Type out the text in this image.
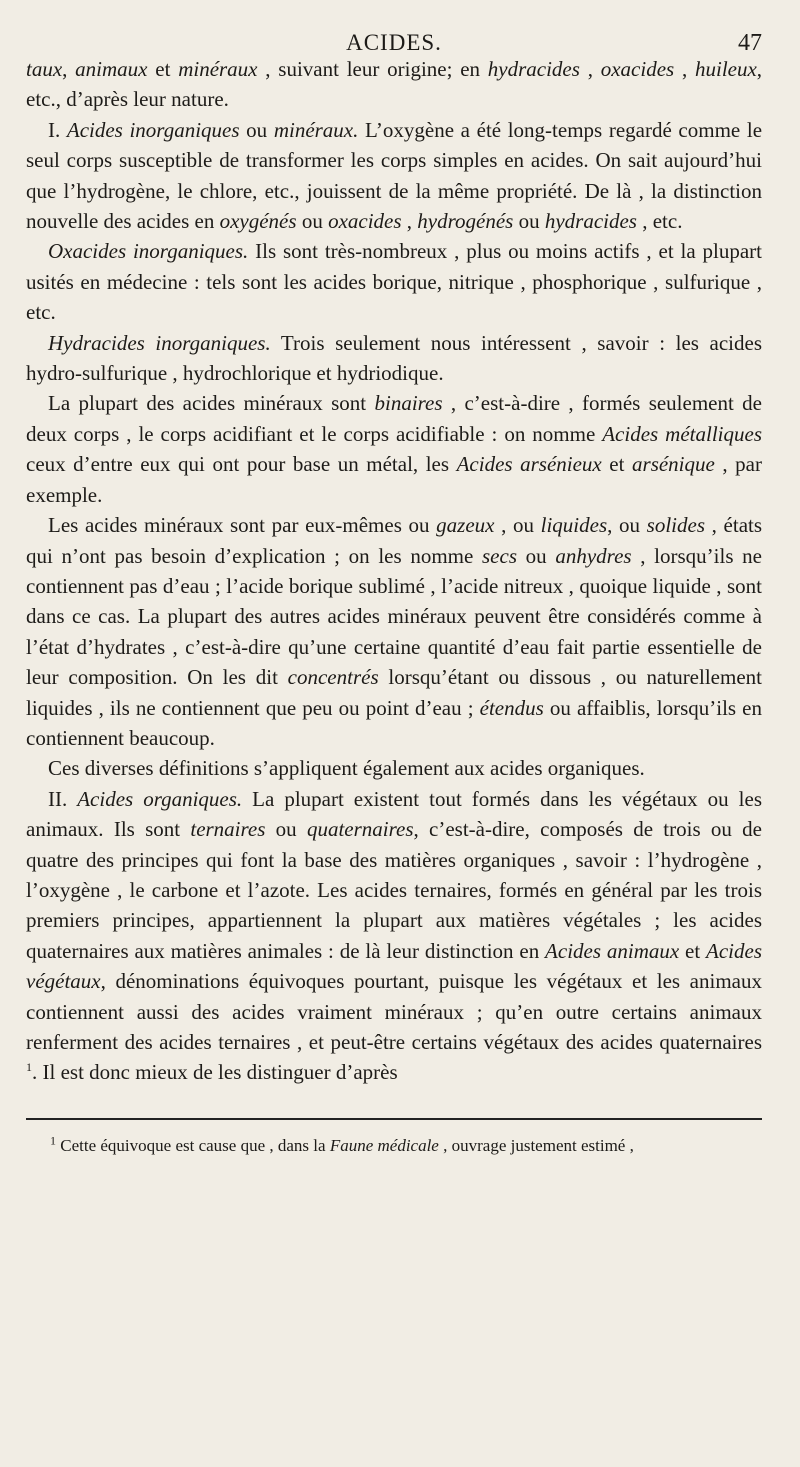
ACIDES.	47

taux, animaux et minéraux , suivant leur origine; en hydracides , oxacides , huileux, etc., d’après leur nature.

I. Acides inorganiques ou minéraux. L’oxygène a été long-temps regardé comme le seul corps susceptible de transformer les corps simples en acides. On sait aujourd’hui que l’hydrogène, le chlore, etc., jouissent de la même propriété. De là , la distinction nouvelle des acides en oxygénés ou oxacides , hydrogénés ou hydracides , etc.

Oxacides inorganiques. Ils sont très-nombreux , plus ou moins actifs , et la plupart usités en médecine : tels sont les acides borique, nitrique , phosphorique , sulfurique , etc.

Hydracides inorganiques. Trois seulement nous intéressent , savoir : les acides hydro-sulfurique , hydrochlorique et hydriodique.

La plupart des acides minéraux sont binaires , c’est-à-dire , formés seulement de deux corps , le corps acidifiant et le corps acidifiable : on nomme Acides métalliques ceux d’entre eux qui ont pour base un métal, les Acides arsénieux et arsénique , par exemple.

Les acides minéraux sont par eux-mêmes ou gazeux , ou liquides, ou solides , états qui n’ont pas besoin d’explication ; on les nomme secs ou anhydres , lorsqu’ils ne contiennent pas d’eau ; l’acide borique sublimé , l’acide nitreux , quoique liquide , sont dans ce cas. La plupart des autres acides minéraux peuvent être considérés comme à l’état d’hydrates , c’est-à-dire qu’une certaine quantité d’eau fait partie essentielle de leur composition. On les dit concentrés lorsqu’étant ou dissous , ou naturellement liquides , ils ne contiennent que peu ou point d’eau ; étendus ou affaiblis, lorsqu’ils en contiennent beaucoup.

Ces diverses définitions s’appliquent également aux acides organiques.

II. Acides organiques. La plupart existent tout formés dans les végétaux ou les animaux. Ils sont ternaires ou quaternaires, c’est-à-dire, composés de trois ou de quatre des principes qui font la base des matières organiques , savoir : l’hydrogène , l’oxygène , le carbone et l’azote. Les acides ternaires, formés en général par les trois premiers principes, appartiennent la plupart aux matières végétales ; les acides quaternaires aux matières animales : de là leur distinction en Acides animaux et Acides végétaux, dénominations équivoques pourtant, puisque les végétaux et les animaux contiennent aussi des acides vraiment minéraux ; qu’en outre certains animaux renferment des acides ternaires , et peut-être certains végétaux des acides quaternaires $^1$. Il est donc mieux de les distinguer d’après

$^1$ Cette équivoque est cause que , dans la Faune médicale , ouvrage justement estimé ,
